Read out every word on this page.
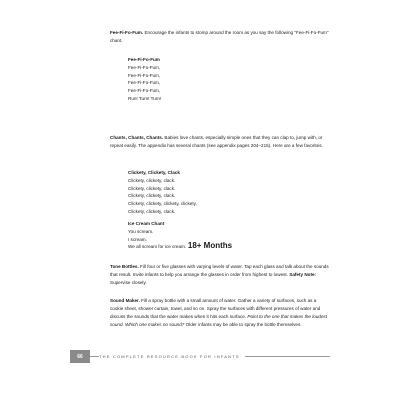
Fee-Fi-Fo-Fum. Encourage the infants to stomp around the room as you say the following "Fee-Fi-Fo-Fum" chant.

Fee-Fi-Fo-Fum
Fee-Fi-Fo-Fum,
Fee-Fi-Fo-Fum,
Fee-Fi-Fo-Fum,
Fee-Fi-Fo-Fum,
Run! Turn! Turn!

Chants, Chants, Chants. Babies love chants, especially simple ones that they can clap to, jump with, or repeat easily. The appendix has several chants (see appendix pages 204–215). Here are a few favorites.

Clickety, Clickety, Clack
Clickety, clickety, clack.
Clickety, clickety, clack.
Clickety, clickety, clack.
Clickety, clickety, clickety, clickety,
Clickety, clickety, clack.
Ice Cream Chant
You scream.
I scream.
We all scream for ice cream. 18+ Months

Tone Bottles. Fill four or five glasses with varying levels of water. Tap each glass and talk about the sounds that result. Invite infants to help you arrange the glasses in order from highest to lowest. Safety Note: Supervise closely.

Sound Maker. Fill a spray bottle with a small amount of water. Gather a variety of surfaces, such as a cookie sheet, shower curtain, towel, and so on. Spray the surfaces with different pressures of water and discuss the sounds that the water makes when it hits each surface. Point to the one that makes the loudest sound. Which one makes no sound? Older infants may be able to spray the bottle themselves.

66	THE COMPLETE RESOURCE BOOK FOR INFANTS
